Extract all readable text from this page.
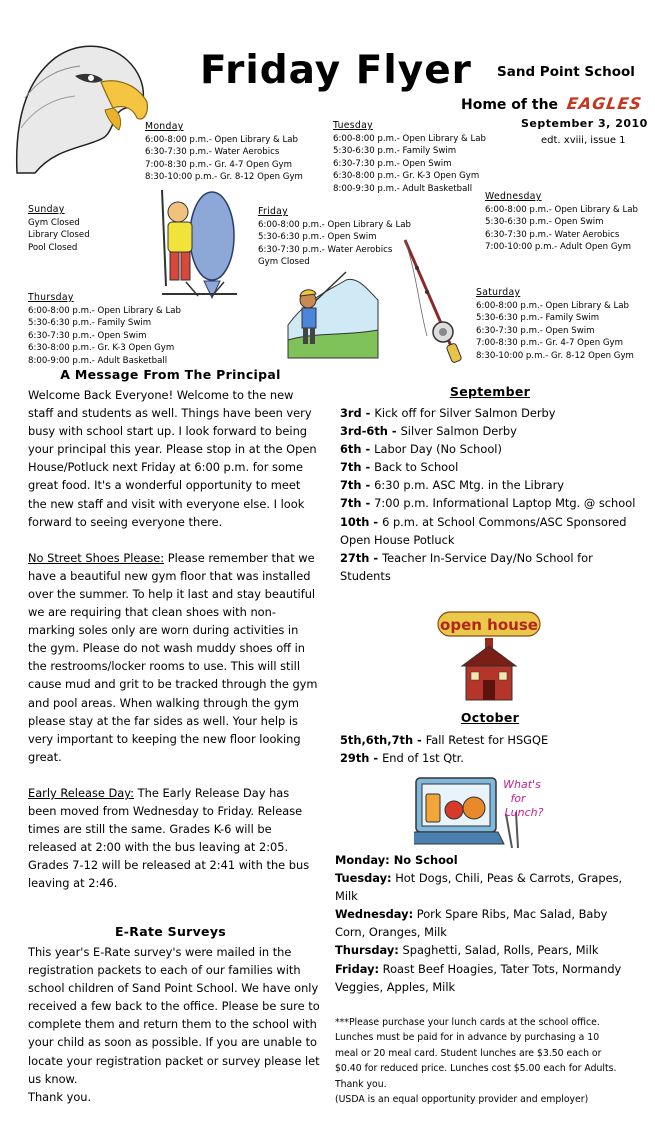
Friday Flyer Sand Point School
Home of the EAGLES
September 3, 2010
edt. xviii, issue 1
Monday
6:00-8:00 p.m.- Open Library & Lab
6:30-7:30 p.m.- Water Aerobics
7:00-8:30 p.m.- Gr. 4-7 Open Gym
8:30-10:00 p.m.- Gr. 8-12 Open Gym
Tuesday
6:00-8:00 p.m.- Open Library & Lab
5:30-6:30 p.m.- Family Swim
6:30-7:30 p.m.- Open Swim
6:30-8:00 p.m.- Gr. K-3 Open Gym
8:00-9:30 p.m.- Adult Basketball
Wednesday
6:00-8:00 p.m.- Open Library & Lab
5:30-6:30 p.m.- Open Swim
6:30-7:30 p.m.- Water Aerobics
7:00-10:00 p.m.- Adult Open Gym
Sunday
Gym Closed
Library Closed
Pool Closed
Friday
6:00-8:00 p.m.- Open Library & Lab
5:30-6:30 p.m.- Open Swim
6:30-7:30 p.m.- Water Aerobics
Gym Closed
Thursday
6:00-8:00 p.m.- Open Library & Lab
5:30-6:30 p.m.- Family Swim
6:30-7:30 p.m.- Open Swim
6:30-8:00 p.m.- Gr. K-3 Open Gym
8:00-9:00 p.m.- Adult Basketball
Saturday
6:00-8:00 p.m.- Open Library & Lab
5:30-6:30 p.m.- Family Swim
6:30-7:30 p.m.- Open Swim
7:00-8:30 p.m.- Gr. 4-7 Open Gym
8:30-10:00 p.m.- Gr. 8-12 Open Gym
A Message From The Principal

Welcome Back Everyone! Welcome to the new staff and students as well. Things have been very busy with school start up. I look forward to being your principal this year. Please stop in at the Open House/Potluck next Friday at 6:00 p.m. for some great food. It's a wonderful opportunity to meet the new staff and visit with everyone else. I look forward to seeing everyone there.

No Street Shoes Please: Please remember that we have a beautiful new gym floor that was installed over the summer. To help it last and stay beautiful we are requiring that clean shoes with non-marking soles only are worn during activities in the gym. Please do not wash muddy shoes off in the restrooms/locker rooms to use. This will still cause mud and grit to be tracked through the gym and pool areas. When walking through the gym please stay at the far sides as well. Your help is very important to keeping the new floor looking great.

Early Release Day: The Early Release Day has been moved from Wednesday to Friday. Release times are still the same. Grades K-6 will be released at 2:00 with the bus leaving at 2:05. Grades 7-12 will be released at 2:41 with the bus leaving at 2:46.

E-Rate Surveys

This year's E-Rate survey's were mailed in the registration packets to each of our families with school children of Sand Point School. We have only received a few back to the office. Please be sure to complete them and return them to the school with your child as soon as possible. If you are unable to locate your registration packet or survey please let us know.

Thank you.

September

3rd - Kick off for Silver Salmon Derby

3rd-6th - Silver Salmon Derby

6th - Labor Day (No School)

7th - Back to School

7th - 6:30 p.m. ASC Mtg. in the Library

7th - 7:00 p.m. Informational Laptop Mtg. @ school

10th - 6 p.m. at School Commons/ASC Sponsored Open House Potluck

27th - Teacher In-Service Day/No School for Students

open house
October

5th,6th,7th - Fall Retest for HSGQE

29th - End of 1st Qtr.

What's
for
Lunch?

Monday: No School

Tuesday: Hot Dogs, Chili, Peas & Carrots, Grapes, Milk

Wednesday: Pork Spare Ribs, Mac Salad, Baby Corn, Oranges, Milk

Thursday: Spaghetti, Salad, Rolls, Pears, Milk

Friday: Roast Beef Hoagies, Tater Tots, Normandy Veggies, Apples, Milk

***Please purchase your lunch cards at the school office. Lunches must be paid for in advance by purchasing a 10 meal or 20 meal card. Student lunches are $3.50 each or $0.40 for reduced price. Lunches cost $5.00 each for Adults. Thank you.

(USDA is an equal opportunity provider and employer)
